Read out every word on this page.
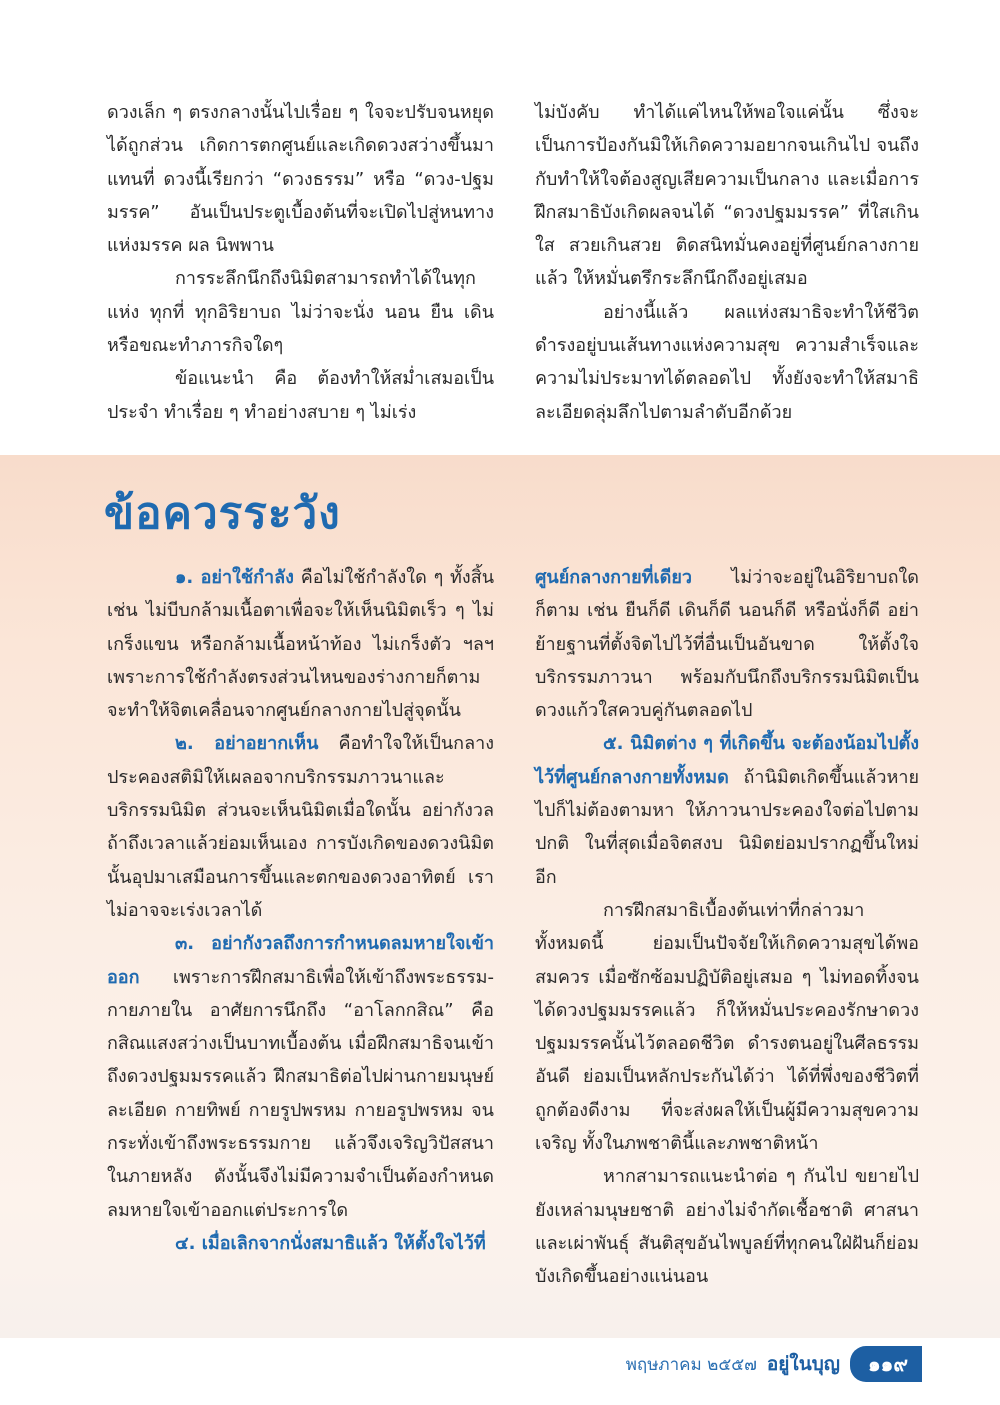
ดวงเล็ก ๆ ตรงกลางนั้นไปเรื่อย ๆ ใจจะปรับจนหยุดได้ถูกส่วน เกิดการตกศูนย์และเกิดดวงสว่างขึ้นมาแทนที่ ดวงนี้เรียกว่า “ดวงธรรม” หรือ “ดวง-ปฐมมรรค” อันเป็นประตูเบื้องต้นที่จะเปิดไปสู่หนทางแห่งมรรค ผล นิพพาน

การระลึกนึกถึงนิมิตสามารถทำได้ในทุกแห่ง ทุกที่ ทุกอิริยาบถ ไม่ว่าจะนั่ง นอน ยืน เดิน หรือขณะทำภารกิจใดๆ

ข้อแนะนำ คือ ต้องทำให้สม่ำเสมอเป็นประจำ ทำเรื่อย ๆ ทำอย่างสบาย ๆ ไม่เร่ง

ไม่บังคับ ทำได้แค่ไหนให้พอใจแค่นั้น ซึ่งจะเป็นการป้องกันมิให้เกิดความอยากจนเกินไป จนถึงกับทำให้ใจต้องสูญเสียความเป็นกลาง และเมื่อการฝึกสมาธิบังเกิดผลจนได้ “ดวงปฐมมรรค” ที่ใสเกินใส สวยเกินสวย ติดสนิทมั่นคงอยู่ที่ศูนย์กลางกายแล้ว ให้หมั่นตรึกระลึกนึกถึงอยู่เสมอ

อย่างนี้แล้ว ผลแห่งสมาธิจะทำให้ชีวิตดำรงอยู่บนเส้นทางแห่งความสุข ความสำเร็จและความไม่ประมาทได้ตลอดไป ทั้งยังจะทำให้สมาธิละเอียดลุ่มลึกไปตามลำดับอีกด้วย

ข้อควรระวัง

๑. อย่าใช้กำลัง คือไม่ใช้กำลังใด ๆ ทั้งสิ้น เช่น ไม่บีบกล้ามเนื้อตาเพื่อจะให้เห็นนิมิตเร็ว ๆ ไม่เกร็งแขน หรือกล้ามเนื้อหน้าท้อง ไม่เกร็งตัว ฯลฯ เพราะการใช้กำลังตรงส่วนไหนของร่างกายก็ตาม จะทำให้จิตเคลื่อนจากศูนย์กลางกายไปสู่จุดนั้น

๒. อย่าอยากเห็น คือทำใจให้เป็นกลาง ประคองสติมิให้เผลอจากบริกรรมภาวนาและบริกรรมนิมิต ส่วนจะเห็นนิมิตเมื่อใดนั้น อย่ากังวล ถ้าถึงเวลาแล้วย่อมเห็นเอง การบังเกิดของดวงนิมิตนั้นอุปมาเสมือนการขึ้นและตกของดวงอาทิตย์ เราไม่อาจจะเร่งเวลาได้

๓. อย่ากังวลถึงการกำหนดลมหายใจเข้าออก เพราะการฝึกสมาธิเพื่อให้เข้าถึงพระธรรม-กายภายใน อาศัยการนึกถึง “อาโลกกสิณ” คือกสิณแสงสว่างเป็นบาทเบื้องต้น เมื่อฝึกสมาธิจนเข้าถึงดวงปฐมมรรคแล้ว ฝึกสมาธิต่อไปผ่านกายมนุษย์ละเอียด กายทิพย์ กายรูปพรหม กายอรูปพรหม จนกระทั่งเข้าถึงพระธรรมกาย แล้วจึงเจริญวิปัสสนาในภายหลัง ดังนั้นจึงไม่มีความจำเป็นต้องกำหนดลมหายใจเข้าออกแต่ประการใด

๔. เมื่อเลิกจากนั่งสมาธิแล้ว ให้ตั้งใจไว้ที่

ศูนย์กลางกายที่เดียว ไม่ว่าจะอยู่ในอิริยาบถใดก็ตาม เช่น ยืนก็ดี เดินก็ดี นอนก็ดี หรือนั่งก็ดี อย่าย้ายฐานที่ตั้งจิตไปไว้ที่อื่นเป็นอันขาด ให้ตั้งใจบริกรรมภาวนา พร้อมกับนึกถึงบริกรรมนิมิตเป็นดวงแก้วใสควบคู่กันตลอดไป

๕. นิมิตต่าง ๆ ที่เกิดขึ้น จะต้องน้อมไปตั้งไว้ที่ศูนย์กลางกายทั้งหมด ถ้านิมิตเกิดขึ้นแล้วหายไปก็ไม่ต้องตามหา ให้ภาวนาประคองใจต่อไปตามปกติ ในที่สุดเมื่อจิตสงบ นิมิตย่อมปรากฏขึ้นใหม่อีก

การฝึกสมาธิเบื้องต้นเท่าที่กล่าวมาทั้งหมดนี้ ย่อมเป็นปัจจัยให้เกิดความสุขได้พอสมควร เมื่อซักซ้อมปฏิบัติอยู่เสมอ ๆ ไม่ทอดทิ้งจนได้ดวงปฐมมรรคแล้ว ก็ให้หมั่นประคองรักษาดวงปฐมมรรคนั้นไว้ตลอดชีวิต ดำรงตนอยู่ในศีลธรรมอันดี ย่อมเป็นหลักประกันได้ว่า ได้ที่พึ่งของชีวิตที่ถูกต้องดีงาม ที่จะส่งผลให้เป็นผู้มีความสุขความเจริญ ทั้งในภพชาตินี้และภพชาติหน้า

หากสามารถแนะนำต่อ ๆ กันไป ขยายไปยังเหล่ามนุษยชาติ อย่างไม่จำกัดเชื้อชาติ ศาสนา และเผ่าพันธุ์ สันติสุขอันไพบูลย์ที่ทุกคนใฝ่ฝันก็ย่อมบังเกิดขึ้นอย่างแน่นอน

พฤษภาคม ๒๕๕๗ อยู่ในบุญ	๑๑๙
